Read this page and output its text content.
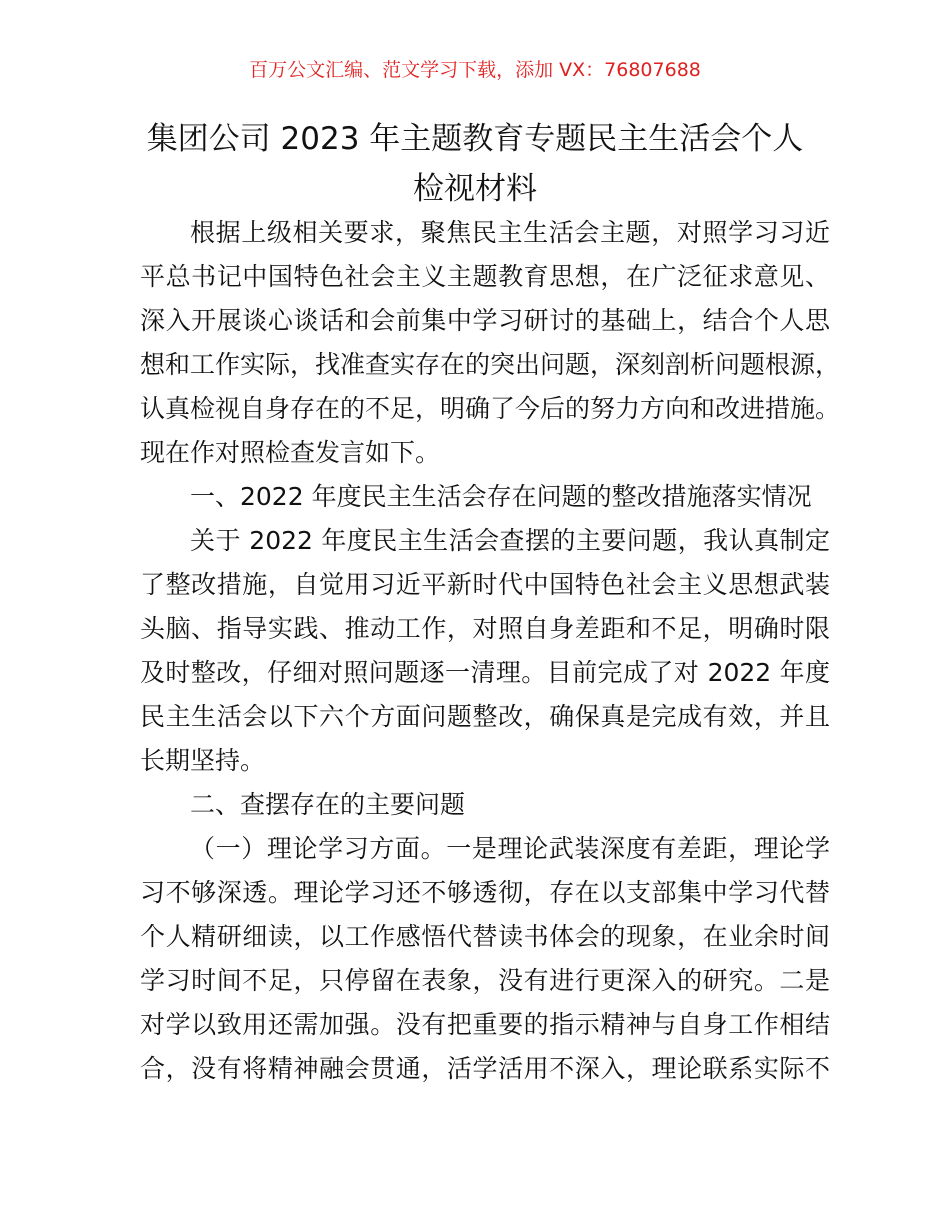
百万公文汇编、范文学习下载，添加 VX：76807688
集团公司 2023 年主题教育专题民主生活会个人
检视材料
根据上级相关要求，聚焦民主生活会主题，对照学习习近
平总书记中国特色社会主义主题教育思想，在广泛征求意见、
深入开展谈心谈话和会前集中学习研讨的基础上，结合个人思
想和工作实际，找准查实存在的突出问题，深刻剖析问题根源，
认真检视自身存在的不足，明确了今后的努力方向和改进措施。
现在作对照检查发言如下。
一、2022 年度民主生活会存在问题的整改措施落实情况
关于 2022 年度民主生活会查摆的主要问题，我认真制定
了整改措施，自觉用习近平新时代中国特色社会主义思想武装
头脑、指导实践、推动工作，对照自身差距和不足，明确时限
及时整改，仔细对照问题逐一清理。目前完成了对 2022 年度
民主生活会以下六个方面问题整改，确保真是完成有效，并且
长期坚持。
二、查摆存在的主要问题
（一）理论学习方面。一是理论武装深度有差距，理论学
习不够深透。理论学习还不够透彻，存在以支部集中学习代替
个人精研细读，以工作感悟代替读书体会的现象，在业余时间
学习时间不足，只停留在表象，没有进行更深入的研究。二是
对学以致用还需加强。没有把重要的指示精神与自身工作相结
合，没有将精神融会贯通，活学活用不深入，理论联系实际不
